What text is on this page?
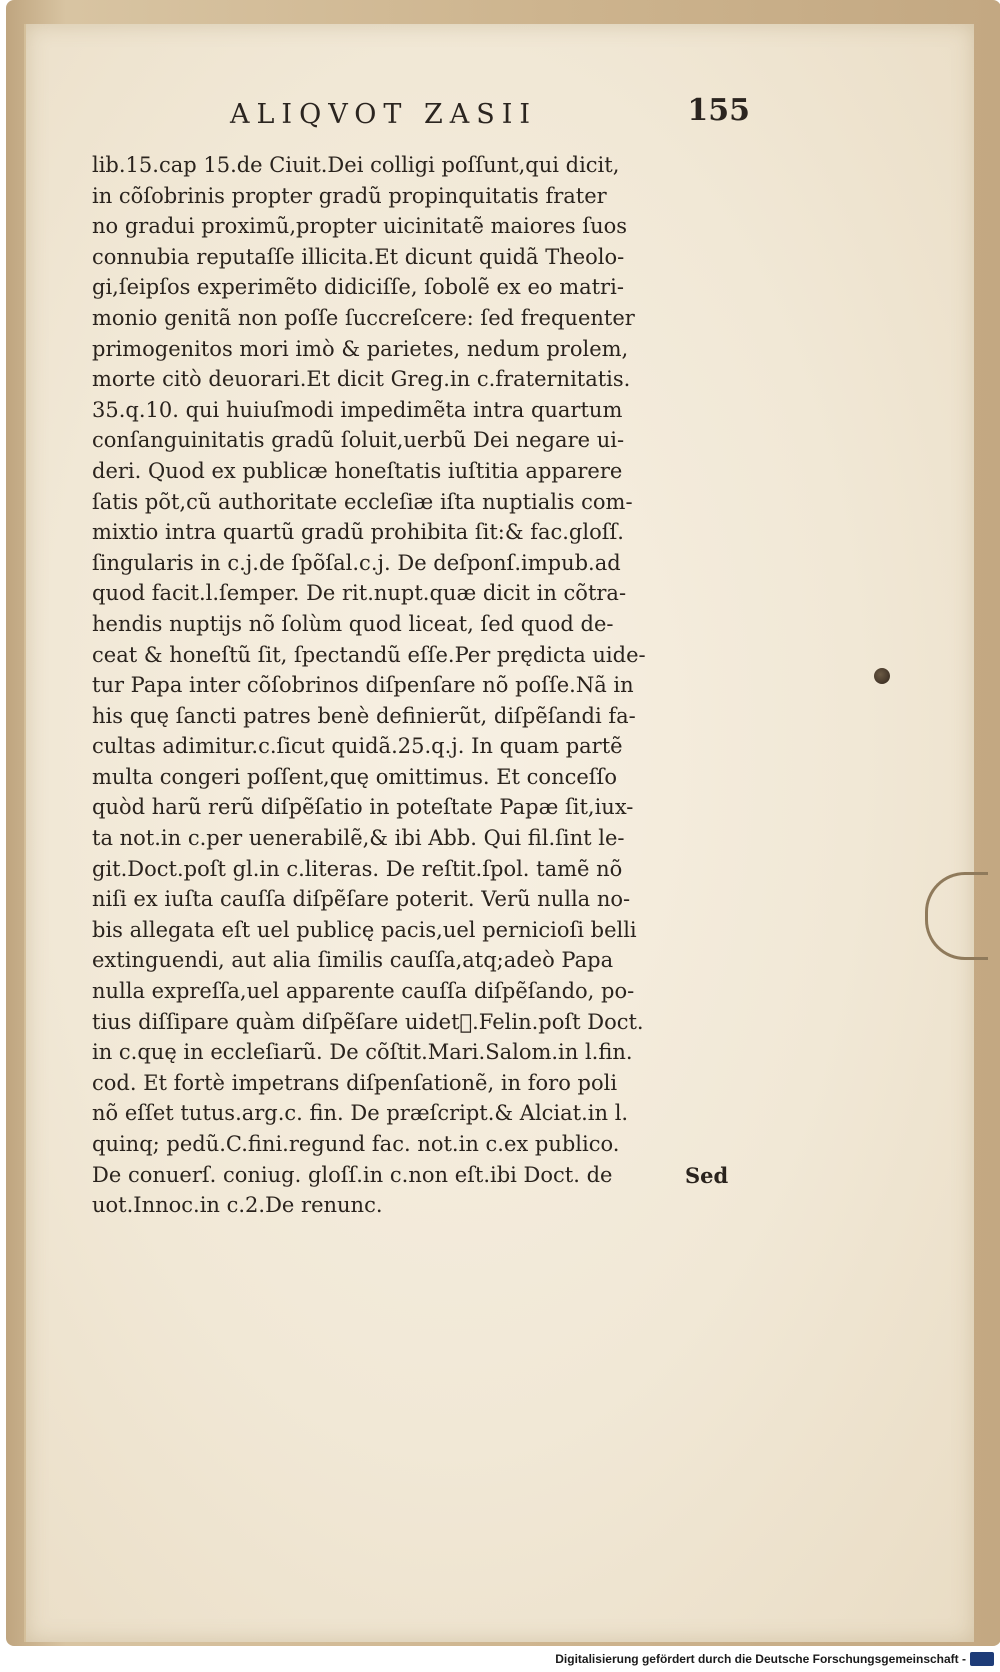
ALIQVOT ZASII	155
lib.15.cap 15.de Ciuit.Dei colligi poſſunt,qui dicit,
in cõſobrinis propter gradũ propinquitatis frater
no gradui proximũ,propter uicinitatẽ maiores ſuos
connubia reputaſſe illicita.Et dicunt quidã Theolo-
gi,ſeipſos experimẽto didiciſſe, ſobolẽ ex eo matri-
monio genitã non poſſe ſuccreſcere: ſed frequenter
primogenitos mori imò & parietes, nedum prolem,
morte citò deuorari.Et dicit Greg.in c.fraternitatis.
35.q.10. qui huiuſmodi impedimẽta intra quartum
conſanguinitatis gradũ ſoluit,uerbũ Dei negare ui-
deri. Quod ex publicæ honeſtatis iuſtitia apparere
ſatis põt,cũ authoritate eccleſiæ iſta nuptialis com-
mixtio intra quartũ gradũ prohibita ſit:& fac.gloſſ.
ſingularis in c.j.de ſpõſal.c.j. De deſponſ.impub.ad
quod facit.l.ſemper. De rit.nupt.quæ dicit in cõtra-
hendis nuptijs nõ ſolùm quod liceat, ſed quod de-
ceat & honeſtũ ſit, ſpectandũ eſſe.Per prędicta uide-
tur Papa inter cõſobrinos diſpenſare nõ poſſe.Nã in
his quę ſancti patres benè definierũt, diſpẽſandi fa-
cultas adimitur.c.ſicut quidã.25.q.j. In quam partẽ
multa congeri poſſent,quę omittimus. Et conceſſo
quòd harũ rerũ diſpẽſatio in poteſtate Papæ ſit,iux-
ta not.in c.per uenerabilẽ,& ibi Abb. Qui fil.ſint le-
git.Doct.poſt gl.in c.literas. De reſtit.ſpol. tamẽ nõ
niſi ex iuſta cauſſa diſpẽſare poterit. Verũ nulla no-
bis allegata eſt uel publicę pacis,uel pernicioſi belli
extinguendi, aut alia ſimilis cauſſa,atq;adeò Papa
nulla expreſſa,uel apparente cauſſa diſpẽſando, po-
tius diſſipare quàm diſpẽſare uidet᷑.Felin.poſt Doct.
in c.quę in eccleſiarũ. De cõſtit.Mari.Salom.in l.fin.
cod. Et fortè impetrans diſpenſationẽ, in foro poli
nõ eſſet tutus.arg.c. fin. De præſcript.& Alciat.in l.
quinq; pedũ.C.fini.regund fac. not.in c.ex publico.
De conuerſ. coniug. gloſſ.in c.non eſt.ibi Doct. de
uot.Innoc.in c.2.De renunc.
Sed
Digitalisierung gefördert durch die Deutsche Forschungsgemeinschaft -
